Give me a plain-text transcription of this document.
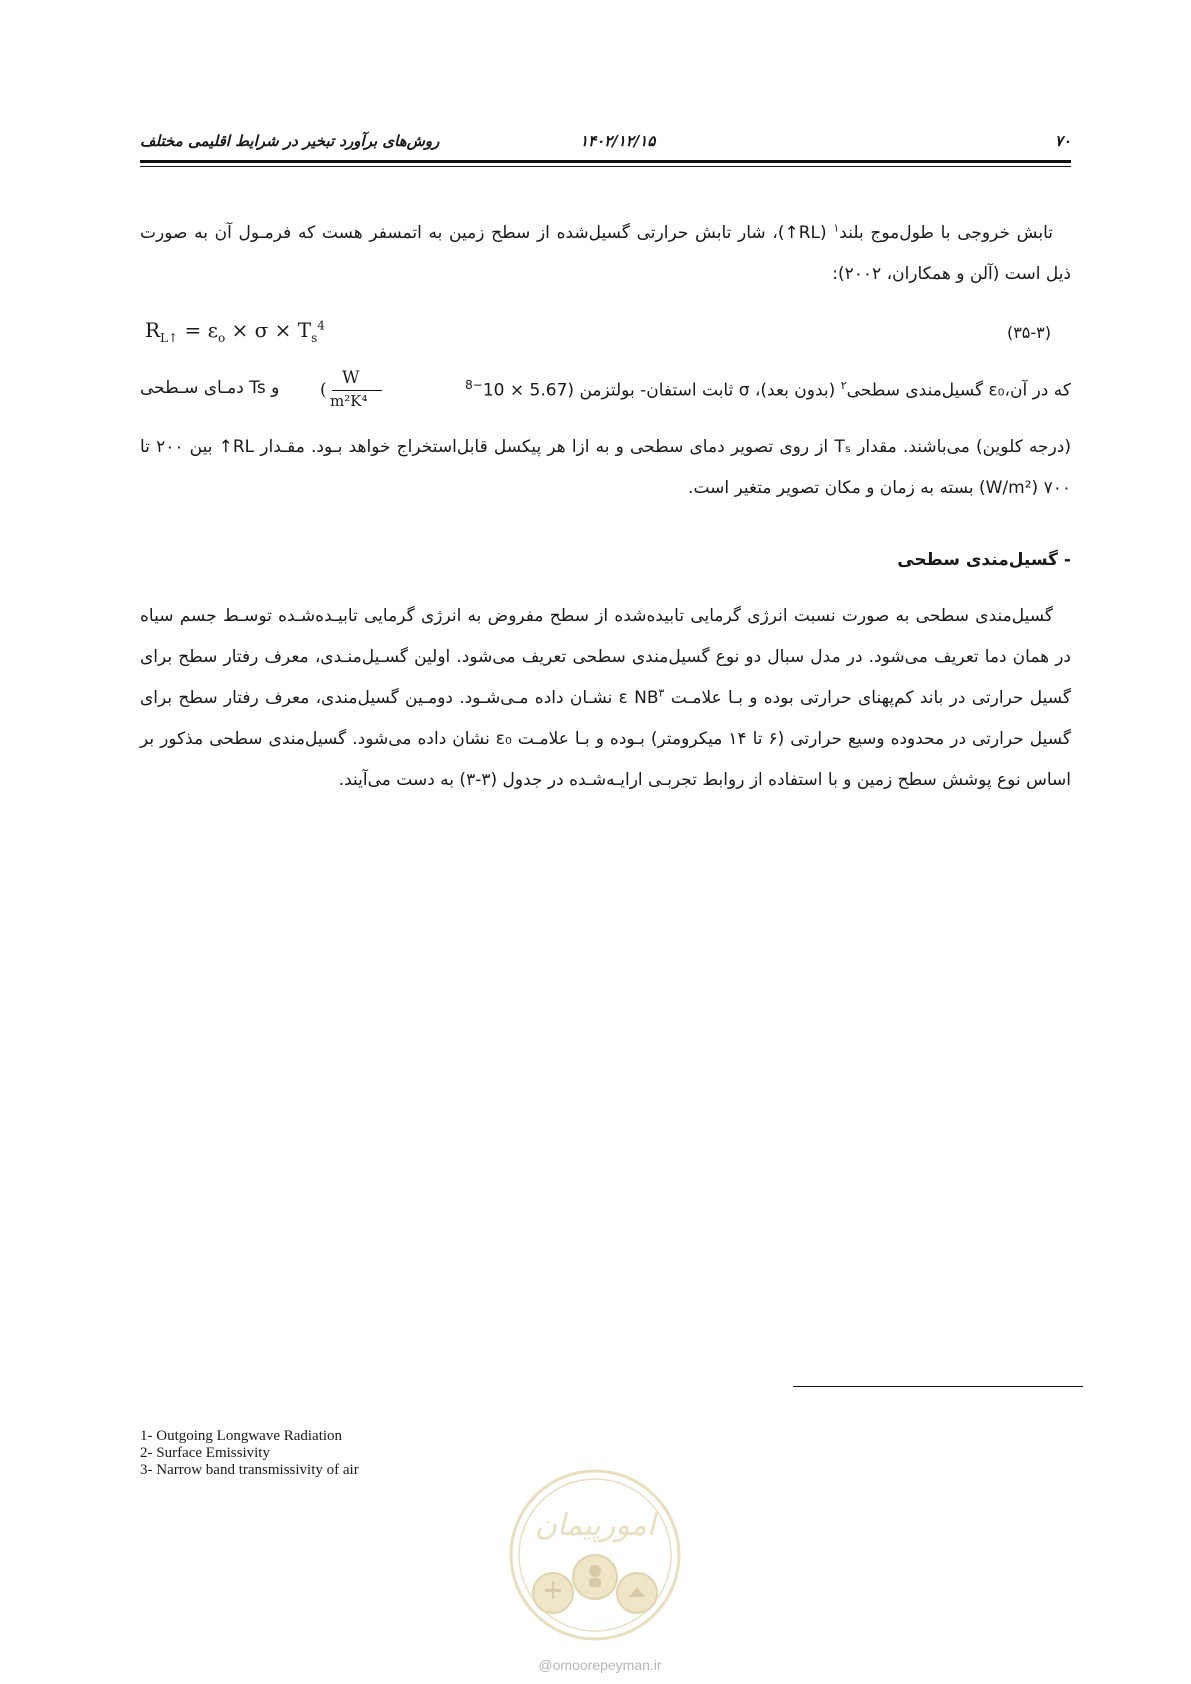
۷۰
۱۴۰۲/۱۲/۱۵
روش‌های برآورد تبخیر در شرایط اقلیمی مختلف

تابش خروجی با طول‌موج بلند$^۱$ (RL↑)، شار تابش حرارتی گسیل‌شده از سطح زمین به اتمسفر هست که فرمـول آن به صورت ذیل است (آلن و همکاران، ۲۰۰۲):

$R_{L↑} = \varepsilon_o \times \sigma \times T_s^4$	(۳۵-۳)
که در آن،ε₀ گسیل‌مندی سطحی$^۲$ (بدون بعد)، σ ثابت استفان- بولتزمن ($5.67 \times 10^{-8}$
(
W
m²K⁴
و Ts دمـای سـطحی

(درجه کلوین) می‌باشند. مقدار Tₛ از روی تصویر دمای سطحی و به ازا هر پیکسل قابل‌استخراج خواهد بـود. مقـدار RL↑ بین ۲۰۰ تا ۷۰۰ (W/m²) بسته به زمان و مکان تصویر متغیر است.

- گسیل‌مندی سطحی

گسیل‌مندی سطحی به صورت نسبت انرژی گرمایی تابیده‌شده از سطح مفروض به انرژی گرمایی تابیـده‌شـده توسـط جسم سیاه در همان دما تعریف می‌شود. در مدل سبال دو نوع گسیل‌مندی سطحی تعریف می‌شود. اولین گسـیل‌منـدی، معرف رفتار سطح برای گسیل حرارتی در باند کم‌پهنای حرارتی بوده و بـا علامـت ε NB$^۳$ نشـان داده مـی‌شـود. دومـین گسیل‌مندی، معرف رفتار سطح برای گسیل حرارتی در محدوده وسیع حرارتی (۶ تا ۱۴ میکرومتر) بـوده و بـا علامـت ε₀ نشان داده می‌شود. گسیل‌مندی سطحی مذکور بر اساس نوع پوشش سطح زمین و با استفاده از روابط تجربـی ارایـه‌شـده در جدول (۳-۳) به دست می‌آیند.

1- Outgoing Longwave Radiation
2- Surface Emissivity
3- Narrow band transmissivity of air
امورپیمان
@omoorepeyman.ir
